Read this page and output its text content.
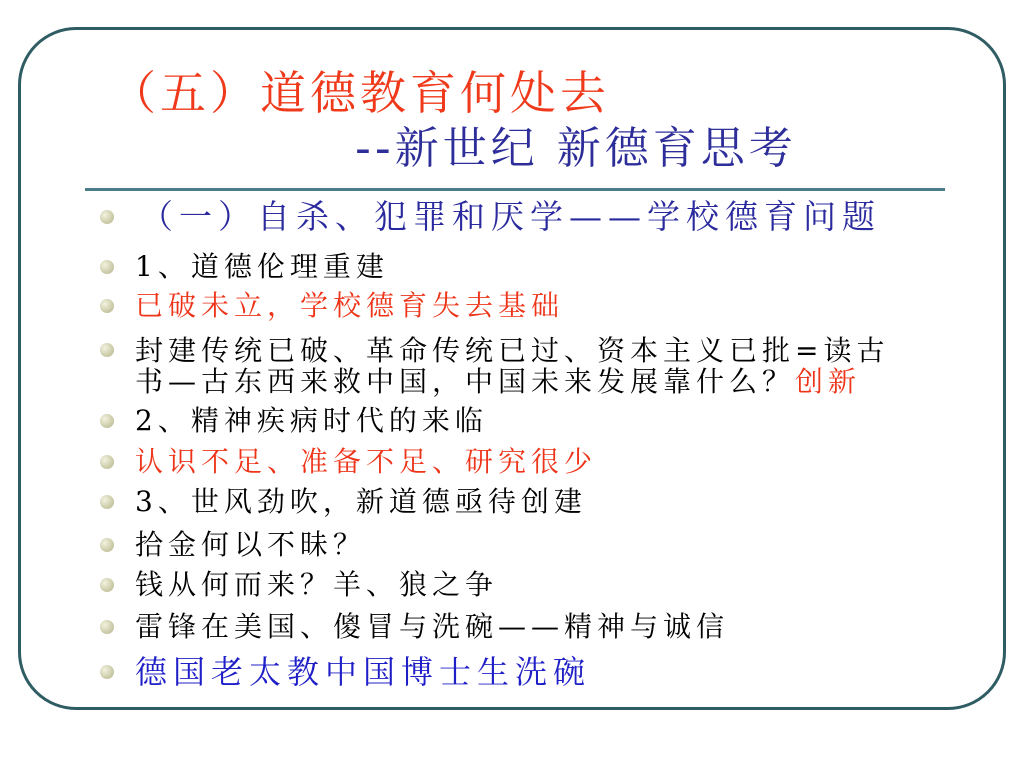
（五）道德教育何处去
--新世纪 新德育思考
（一）自杀、犯罪和厌学——学校德育问题
1、道德伦理重建
已破未立，学校德育失去基础
封建传统已破、革命传统已过、资本主义已批=读古
书—古东西来救中国，中国未来发展靠什么？创新
2、精神疾病时代的来临
认识不足、准备不足、研究很少
3、世风劲吹，新道德亟待创建
拾金何以不昧？
钱从何而来？羊、狼之争
雷锋在美国、傻冒与洗碗——精神与诚信
德国老太教中国博士生洗碗
